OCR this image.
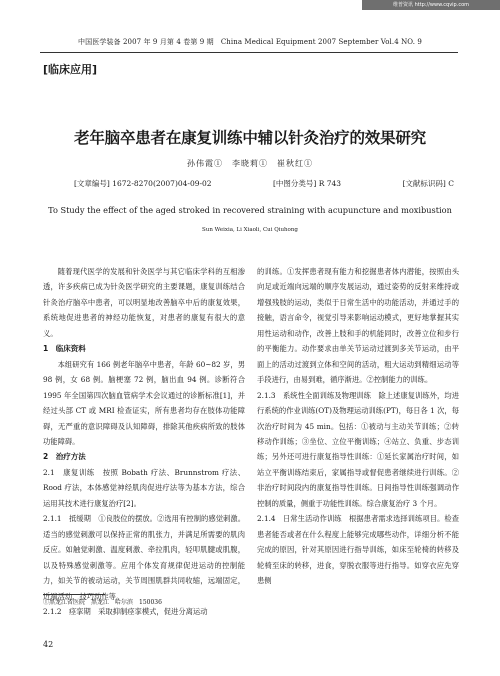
维普资讯 http://www.cqvip.com
中国医学装备 2007 年 9 月第 4 卷第 9 期　China Medical Equipment 2007 September Vol.4 NO. 9
[临床应用]
老年脑卒患者在康复训练中辅以针灸治疗的效果研究
孙伟霞①　李晓莉①　崔秋红①
[文章编号] 1672-8270(2007)04-09-02	[中图分类号] R 743	[文献标识码] C
To Study the effect of the aged stroked in recovered straining with acupuncture and moxibustion
Sun Weixia, Li Xiaoli, Cui Qiuhong

随着现代医学的发展和针灸医学与其它临床学科的互相渗透，许多疾病已成为针灸医学研究的主要课题，康复训练结合针灸治疗脑卒中患者，可以明显地改善脑卒中后的康复效果，系统地促进患者的神经功能恢复，对患者的康复有很大的意义。

1　临床资料

本组研究有 166 例老年脑卒中患者，年龄 60~82 岁，男 98 例，女 68 例。脑梗塞 72 例，脑出血 94 例。诊断符合 1995 年全国第四次脑血管病学术会议通过的诊断标准[1]，并经过头部 CT 或 MRI 检查证实，所有患者均存在肢体功能障碍，无严重的意识障碍及认知障碍，排除其他疾病所致的肢体功能障碍。

2　治疗方法

2.1　康复训练　 按照 Bobath 疗法、Brunnstrom 疗法、Rood 疗法，本体感觉神经肌肉促进疗法等为基本方法，综合运用其技术进行康复治疗[2]。

2.1.1　抵缓期　 ①良肢位的摆放。②选用有控制的感觉刺激。适当的感觉刺激可以保持正常的肌张力，并满足所需要的肌肉反应。如触觉刺激、温度刺激、牵拉肌肉，轻叩肌腱或肌腹，以及特殊感觉刺激等。应用个体发育规律促进运动的控制能力，如关节的被动运动，关节周围肌群共同收缩，远端固定，近端活动、技巧动作等。

2.1.2　痉挛期　 采取抑制痉挛模式，促进分离运动

的训练。①发挥患者现有能力和挖掘患者体内潜能，按照由头向足或近端向远端的顺序发展运动，通过姿势的反射来维持或增强残肢的运动，类似于日常生活中的功能活动，并通过手的接触，语言命令，视觉引导来影响运动模式，更好地掌握其实用性运动和动作，改善上肢和手的机能同时，改善立位和步行的平衡能力。动作要求由单关节运动过渡到多关节运动，由平面上的活动过渡到立体和空间的活动，粗大运动到精细运动等手段进行，由易到难，循序渐进。②控制能力的训练。

2.1.3　系统性全面训练及物理训练　 除上述康复训练外，均进行系统的作业训练(OT)及物理运动训练(PT)，每日各 1 次，每次治疗时间为 45 min。包括：①被动与主动关节训练；②转移动作训练；③坐位、立位平衡训练；④站立、负重、步态训练；另外还可进行康复指导性训练：①延长家属治疗时间，如站立平衡训练结束后，家属指导或督促患者继续进行训练。②非治疗时间段内的康复指导性训练。日间指导性训练强调动作控制的质量，侧重于功能性训练。综合康复治疗 3 个月。

2.1.4　日常生活动作训练　 根据患者需求选择训练项目。检查患者能否或者在什么程度上能够完成哪些动作，详细分析不能完成的原因，针对其原因进行指导训练，如床至轮椅的转移及轮椅至床的转移，进食，穿脱衣服等进行指导。如穿衣应先穿患侧

①黑龙江省医院　黑龙江　哈尔滨　150036
42
